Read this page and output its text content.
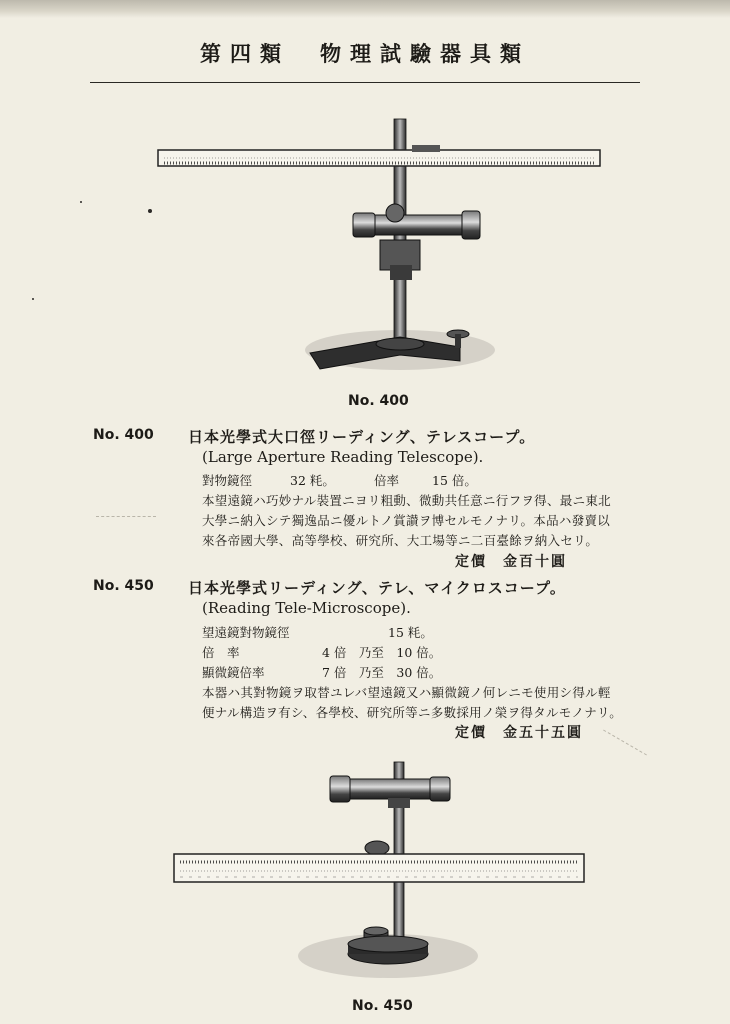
第四類　物理試驗器具類
No. 400
No. 400 日本光學式大口徑リーディング、テレスコープ。
(Large Aperture Reading Telescope).
對物鏡徑	32 粍。	倍率	15 倍。
本望遠鏡ハ巧妙ナル裝置ニヨリ粗動、微動共任意ニ行フヲ得、最ニ東北
大學ニ納入シテ獨逸品ニ優ルトノ賞讃ヲ博セルモノナリ。本品ハ發賣以
來各帝國大學、高等學校、研究所、大工場等ニ二百臺餘ヲ納入セリ。
定價　金百十圓
No. 450 日本光學式リーディング、テレ、マイクロスコープ。
(Reading Tele-Microscope).
望遠鏡對物鏡徑	15 粍。
倍　率	4 倍　乃至　10 倍。
顯微鏡倍率	7 倍　乃至　30 倍。
本器ハ其對物鏡ヲ取替ユレバ望遠鏡又ハ顯微鏡ノ何レニモ使用シ得ル輕
便ナル構造ヲ有シ、各學校、研究所等ニ多數採用ノ榮ヲ得タルモノナリ。
定價　金五十五圓
No. 450
